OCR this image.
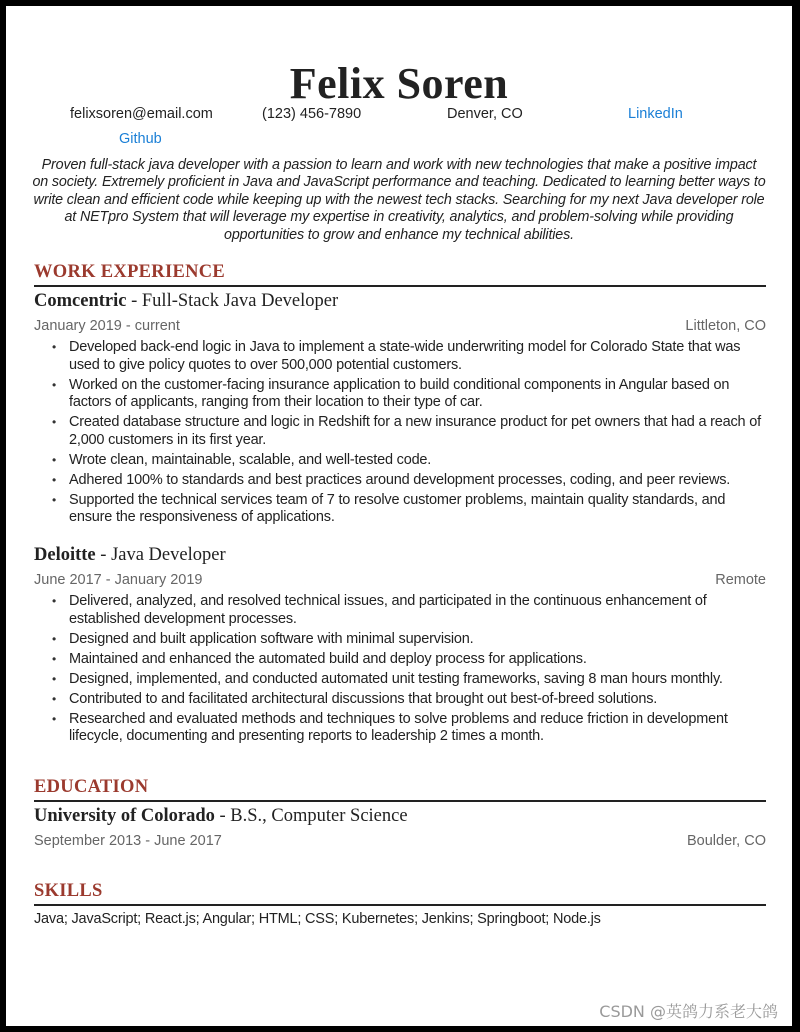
Felix Soren
felixsoren@email.com	(123) 456-7890	Denver, CO	LinkedIn
Github
Proven full-stack java developer with a passion to learn and work with new technologies that make a positive impact on society. Extremely proficient in Java and JavaScript performance and teaching. Dedicated to learning better ways to write clean and efficient code while keeping up with the newest tech stacks. Searching for my next Java developer role at NETpro System that will leverage my expertise in creativity, analytics, and problem-solving while providing opportunities to grow and enhance my technical abilities.
WORK EXPERIENCE
Comcentric - Full-Stack Java Developer
January 2019 - current	Littleton, CO
• Developed back-end logic in Java to implement a state-wide underwriting model for Colorado State that was used to give policy quotes to over 500,000 potential customers.
• Worked on the customer-facing insurance application to build conditional components in Angular based on factors of applicants, ranging from their location to their type of car.
• Created database structure and logic in Redshift for a new insurance product for pet owners that had a reach of 2,000 customers in its first year.
• Wrote clean, maintainable, scalable, and well-tested code.
• Adhered 100% to standards and best practices around development processes, coding, and peer reviews.
• Supported the technical services team of 7 to resolve customer problems, maintain quality standards, and ensure the responsiveness of applications.
Deloitte - Java Developer
June 2017 - January 2019	Remote
• Delivered, analyzed, and resolved technical issues, and participated in the continuous enhancement of established development processes.
• Designed and built application software with minimal supervision.
• Maintained and enhanced the automated build and deploy process for applications.
• Designed, implemented, and conducted automated unit testing frameworks, saving 8 man hours monthly.
• Contributed to and facilitated architectural discussions that brought out best-of-breed solutions.
• Researched and evaluated methods and techniques to solve problems and reduce friction in development lifecycle, documenting and presenting reports to leadership 2 times a month.
EDUCATION
University of Colorado - B.S., Computer Science
September 2013 - June 2017	Boulder, CO
SKILLS
Java; JavaScript; React.js; Angular; HTML; CSS; Kubernetes; Jenkins; Springboot; Node.js
CSDN @英鸽力系老大鸽
